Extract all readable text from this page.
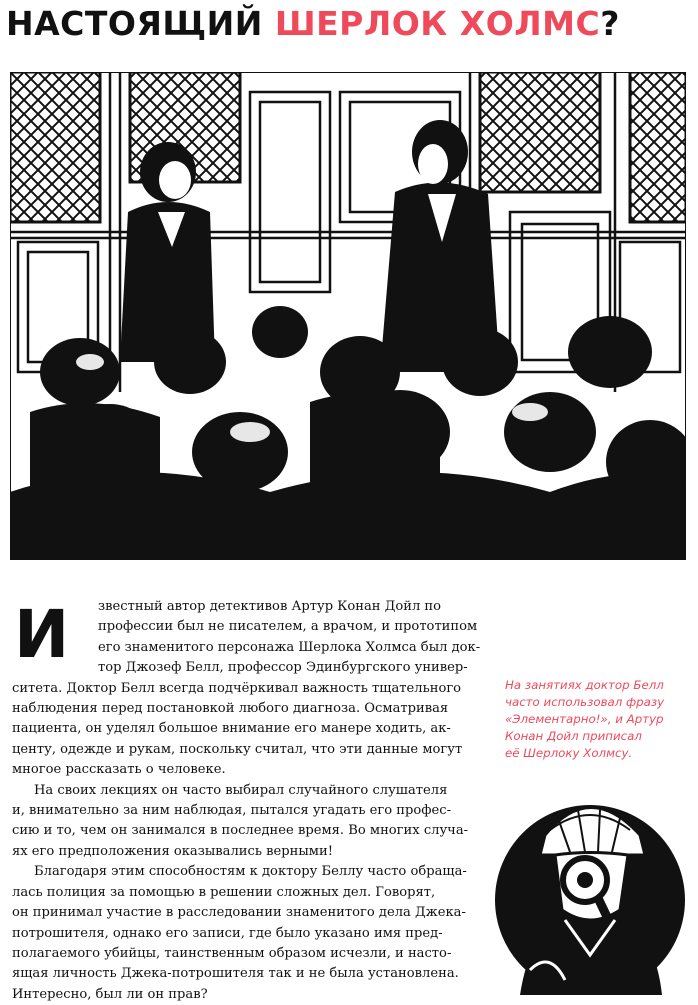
НАСТОЯЩИЙ ШЕРЛОК ХОЛМС?
И	звестный автор детективов Артур Конан Дойл по
профессии был не писателем, а врачом, и прототипом
его знаменитого персонажа Шерлока Холмса был док-
тор Джозеф Белл, профессор Эдинбургского универ-
ситета. Доктор Белл всегда подчёркивал важность тщательного
наблюдения перед постановкой любого диагноза. Осматривая
пациента, он уделял большое внимание его манере ходить, ак-
центу, одежде и рукам, поскольку считал, что эти данные могут
многое рассказать о человеке.

На своих лекциях он часто выбирал случайного слушателя
и, внимательно за ним наблюдая, пытался угадать его профес-
сию и то, чем он занимался в последнее время. Во многих случа-
ях его предположения оказывались верными!

Благодаря этим способностям к доктору Беллу часто обраща-
лась полиция за помощью в решении сложных дел. Говорят,
он принимал участие в расследовании знаменитого дела Джека-
потрошителя, однако его записи, где было указано имя пред-
полагаемого убийцы, таинственным образом исчезли, и насто-
ящая личность Джека-потрошителя так и не была установлена.
Интересно, был ли он прав?

На занятиях доктор Белл
часто использовал фразу
«Элементарно!», и Артур
Конан Дойл приписал
её Шерлоку Холмсу.
